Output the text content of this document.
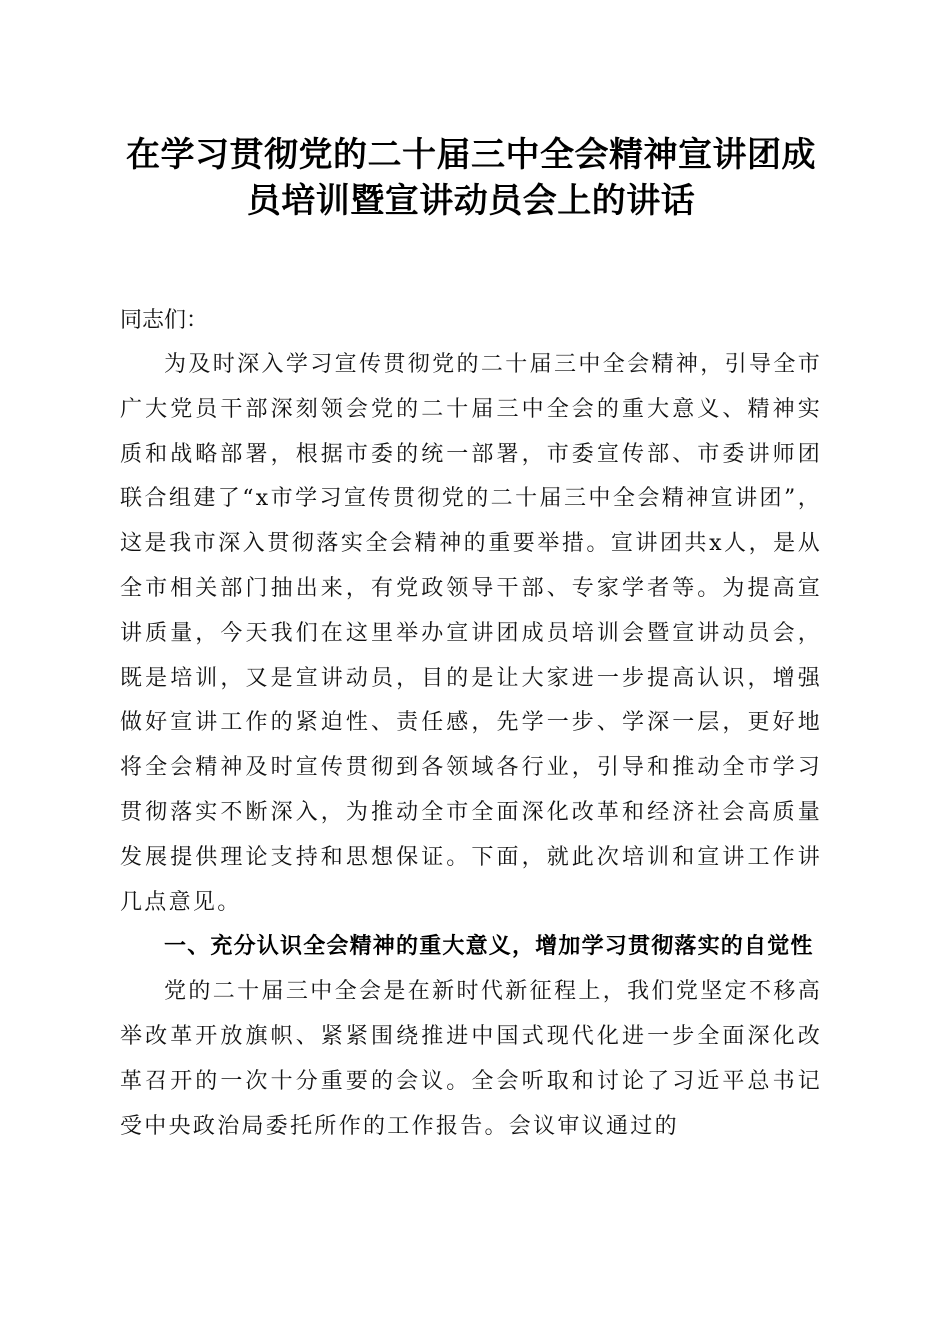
在学习贯彻党的二十届三中全会精神宣讲团成
员培训暨宣讲动员会上的讲话

同志们：

为及时深入学习宣传贯彻党的二十届三中全会精神，引导全市广大党员干部深刻领会党的二十届三中全会的重大意义、精神实质和战略部署，根据市委的统一部署，市委宣传部、市委讲师团联合组建了“x市学习宣传贯彻党的二十届三中全会精神宣讲团”，这是我市深入贯彻落实全会精神的重要举措。宣讲团共x人，是从全市相关部门抽出来，有党政领导干部、专家学者等。为提高宣讲质量，今天我们在这里举办宣讲团成员培训会暨宣讲动员会，既是培训，又是宣讲动员，目的是让大家进一步提高认识，增强做好宣讲工作的紧迫性、责任感，先学一步、学深一层，更好地将全会精神及时宣传贯彻到各领域各行业，引导和推动全市学习贯彻落实不断深入，为推动全市全面深化改革和经济社会高质量发展提供理论支持和思想保证。下面，就此次培训和宣讲工作讲几点意见。

一、充分认识全会精神的重大意义，增加学习贯彻落实的自觉性

党的二十届三中全会是在新时代新征程上，我们党坚定不移高举改革开放旗帜、紧紧围绕推进中国式现代化进一步全面深化改革召开的一次十分重要的会议。全会听取和讨论了习近平总书记受中央政治局委托所作的工作报告。会议审议通过的
